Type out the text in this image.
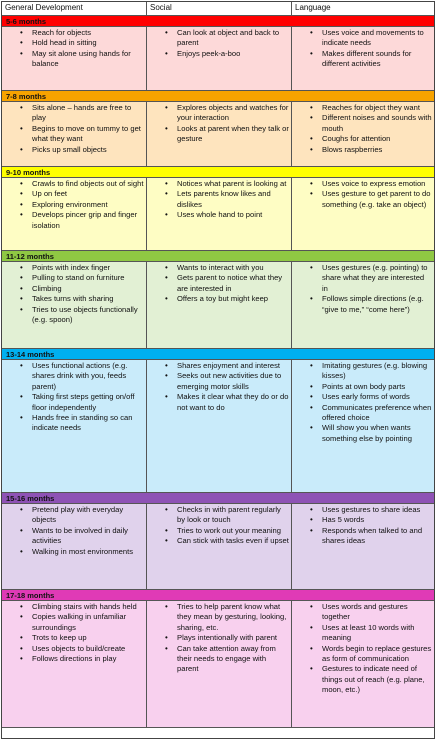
General Development	Social	Language
5-6 months
• Reach for objects
• Hold head in sitting
• May sit alone using hands for balance
• Can look at object and back to parent
• Enjoys peek-a-boo
• Uses voice and movements to indicate needs
• Makes different sounds for different activities
7-8 months
• Sits alone – hands are free to play
• Begins to move on tummy to get what they want
• Picks up small objects
• Explores objects and watches for your interaction
• Looks at parent when they talk or gesture
• Reaches for object they want
• Different noises and sounds with mouth
• Coughs for attention
• Blows raspberries
9-10 months
• Crawls to find objects out of sight
• Up on feet
• Exploring environment
• Develops pincer grip and finger isolation
• Notices what parent is looking at
• Lets parents know likes and dislikes
• Uses whole hand to point
• Uses voice to express emotion
• Uses gesture to get parent to do something (e.g. take an object)
11-12 months
• Points with index finger
• Pulling to stand on furniture
• Climbing
• Takes turns with sharing
• Tries to use objects functionally (e.g. spoon)
• Wants to interact with you
• Gets parent to notice what they are interested in
• Offers a toy but might keep
• Uses gestures (e.g. pointing) to share what they are interested in
• Follows simple directions (e.g. “give to me,” “come here”)
13-14 months
• Uses functional actions (e.g. shares drink with you, feeds parent)
• Taking first steps getting on/off floor independently
• Hands free in standing so can indicate needs
• Shares enjoyment and interest
• Seeks out new activities due to emerging motor skills
• Makes it clear what they do or do not want to do
• Imitating gestures (e.g. blowing kisses)
• Points at own body parts
• Uses early forms of words
• Communicates preference when offered choice
• Will show you when wants something else by pointing
15-16 months
• Pretend play with everyday objects
• Wants to be involved in daily activities
• Walking in most environments
• Checks in with parent regularly by look or touch
• Tries to work out your meaning
• Can stick with tasks even if upset
• Uses gestures to share ideas
• Has 5 words
• Responds when talked to and shares ideas
17-18 months
• Climbing stairs with hands held
• Copies walking in unfamiliar surroundings
• Trots to keep up
• Uses objects to build/create
• Follows directions in play
• Tries to help parent know what they mean by gesturing, looking, sharing, etc.
• Plays intentionally with parent
• Can take attention away from their needs to engage with parent
• Uses words and gestures together
• Uses at least 10 words with meaning
• Words begin to replace gestures as form of communication
• Gestures to indicate need of things out of reach (e.g. plane, moon, etc.)
